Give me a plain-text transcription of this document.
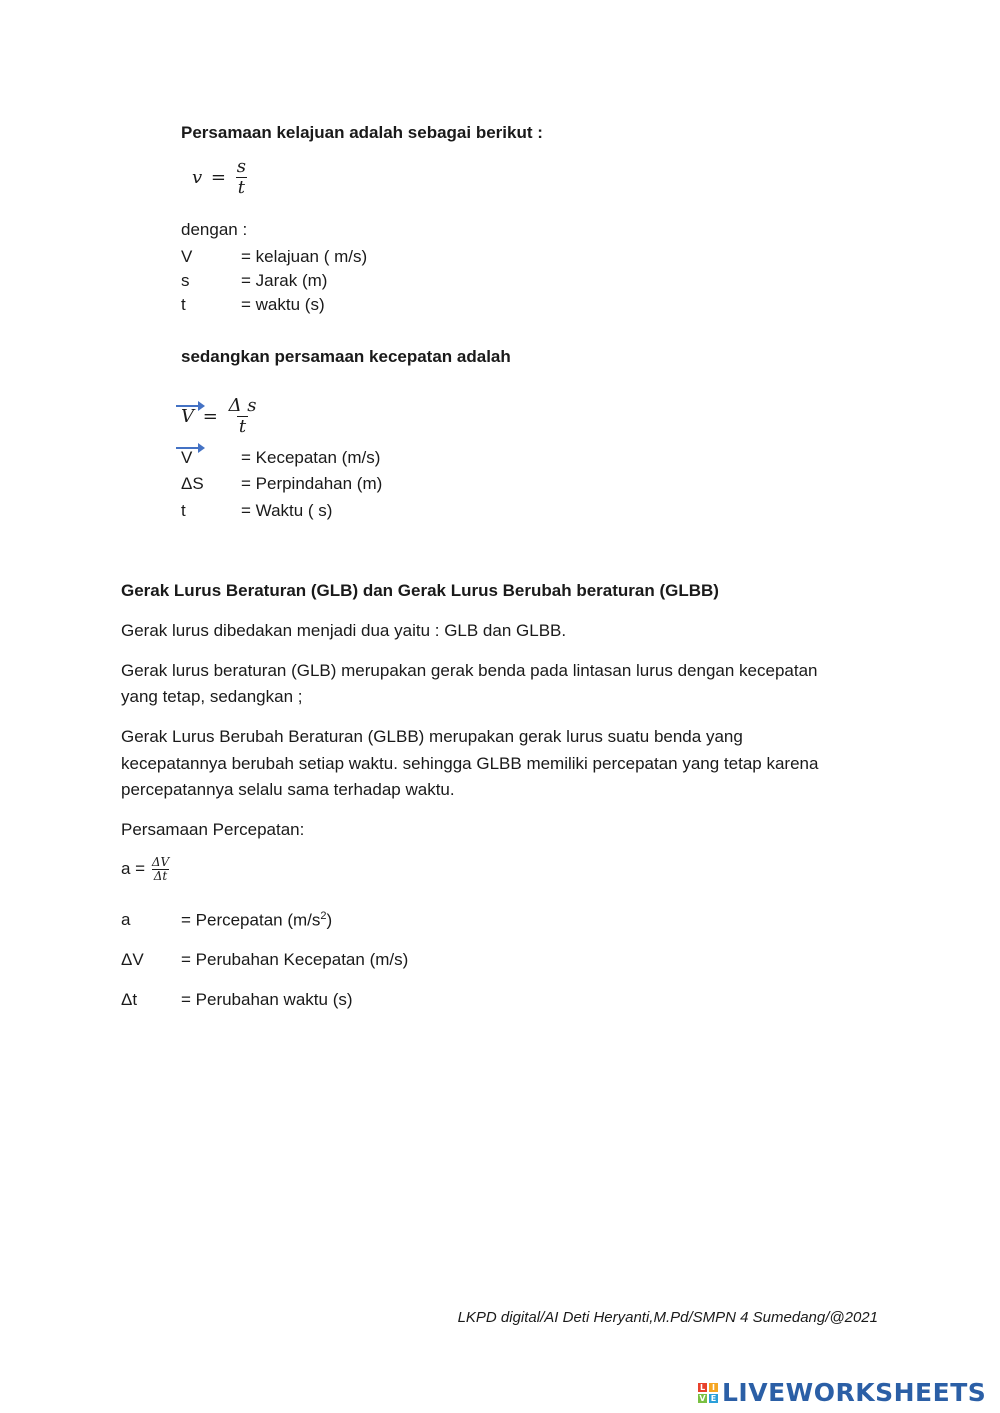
Persamaan kelajuan adalah sebagai berikut :
$v = \frac{s}{t}$
dengan :
V	= kelajuan ( m/s)
s	= Jarak (m)
t	= waktu (s)
sedangkan persamaan kecepatan adalah
$V = \frac{\text{Δ s}}{t}$
V	= Kecepatan (m/s)
ΔS = Perpindahan (m)
t	= Waktu ( s)
Gerak Lurus Beraturan (GLB) dan Gerak Lurus Berubah beraturan (GLBB)
Gerak lurus dibedakan menjadi dua yaitu : GLB dan GLBB.
Gerak lurus beraturan (GLB) merupakan gerak benda pada lintasan lurus dengan kecepatan
yang tetap, sedangkan ;
Gerak Lurus Berubah Beraturan (GLBB) merupakan gerak lurus suatu benda yang
kecepatannya berubah setiap waktu. sehingga GLBB memiliki percepatan yang tetap karena
percepatannya selalu sama terhadap waktu.
Persamaan Percepatan:
$a = \frac{\Delta V}{\Delta t}$
a	= Percepatan $(m/s^2)$
ΔV = Perubahan Kecepatan (m/s)
Δt	= Perubahan waktu (s)
LKPD digital/AI Deti Heryanti,M.Pd/SMPN 4 Sumedang/@2021
L I
V E LIVEWORKSHEETS
